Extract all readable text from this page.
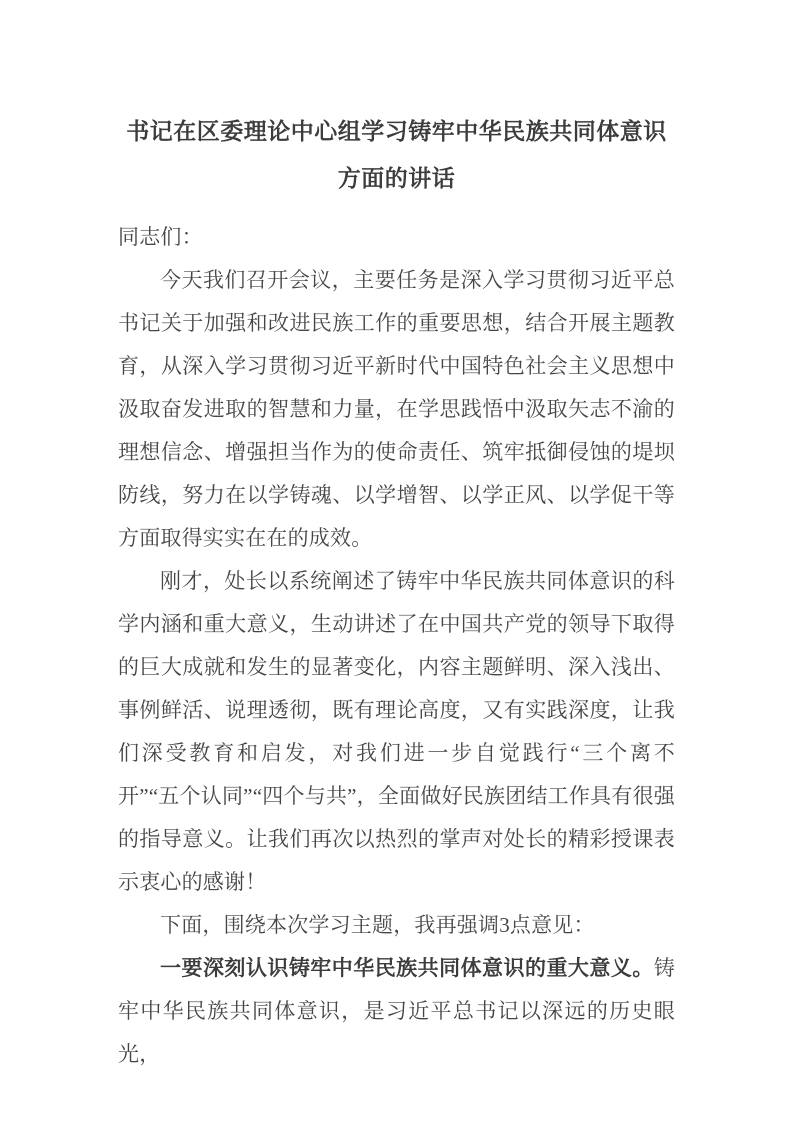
书记在区委理论中心组学习铸牢中华民族共同体意识方面的讲话

同志们：

今天我们召开会议，主要任务是深入学习贯彻习近平总书记关于加强和改进民族工作的重要思想，结合开展主题教育，从深入学习贯彻习近平新时代中国特色社会主义思想中汲取奋发进取的智慧和力量，在学思践悟中汲取矢志不渝的理想信念、增强担当作为的使命责任、筑牢抵御侵蚀的堤坝防线，努力在以学铸魂、以学增智、以学正风、以学促干等方面取得实实在在的成效。

刚才，处长以系统阐述了铸牢中华民族共同体意识的科学内涵和重大意义，生动讲述了在中国共产党的领导下取得的巨大成就和发生的显著变化，内容主题鲜明、深入浅出、事例鲜活、说理透彻，既有理论高度，又有实践深度，让我们深受教育和启发，对我们进一步自觉践行“三个离不开”“五个认同”“四个与共”，全面做好民族团结工作具有很强的指导意义。让我们再次以热烈的掌声对处长的精彩授课表示衷心的感谢！

下面，围绕本次学习主题，我再强调3点意见：

一要深刻认识铸牢中华民族共同体意识的重大意义。铸牢中华民族共同体意识，是习近平总书记以深远的历史眼光，
